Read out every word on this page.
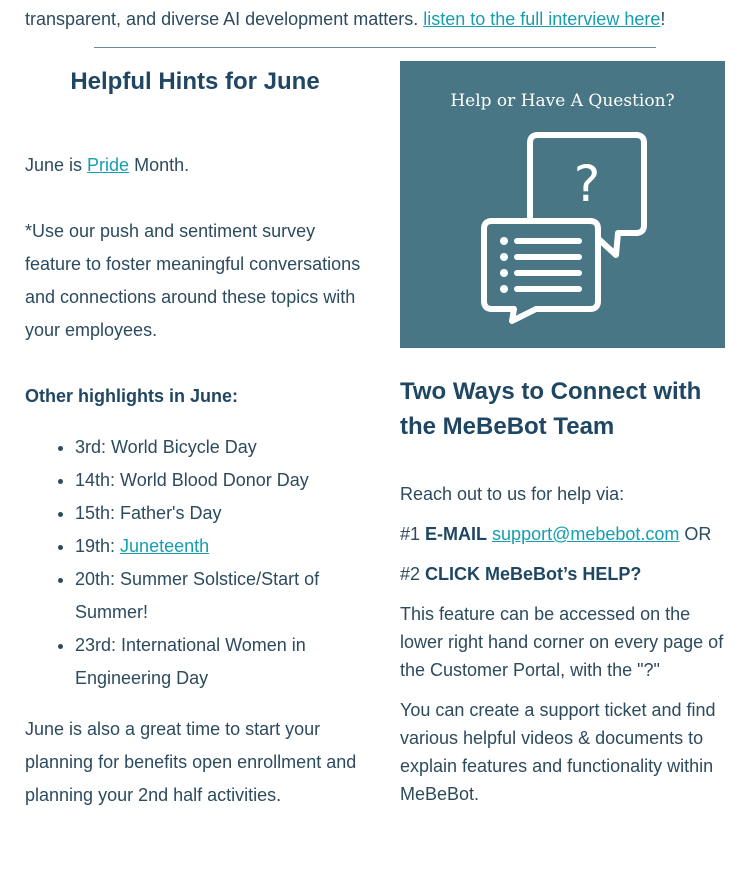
transparent, and diverse AI development matters. listen to the full interview here!
Helpful Hints for June

June is Pride Month.

*Use our push and sentiment survey feature to foster meaningful conversations and connections around these topics with your employees.

Other highlights in June:

• 3rd: World Bicycle Day
• 14th: World Blood Donor Day
• 15th: Father's Day
• 19th: Juneteenth
• 20th: Summer Solstice/Start of Summer!
• 23rd: International Women in Engineering Day

June is also a great time to start your planning for benefits open enrollment and planning your 2nd half activities.

Help or Have A Question?
?
Two Ways to Connect with the MeBeBot Team

Reach out to us for help via:

#1 E-MAIL support@mebebot.com OR

#2 CLICK MeBeBot’s HELP?

This feature can be accessed on the lower right hand corner on every page of the Customer Portal, with the "?"

You can create a support ticket and find various helpful videos & documents to explain features and functionality within MeBeBot.
